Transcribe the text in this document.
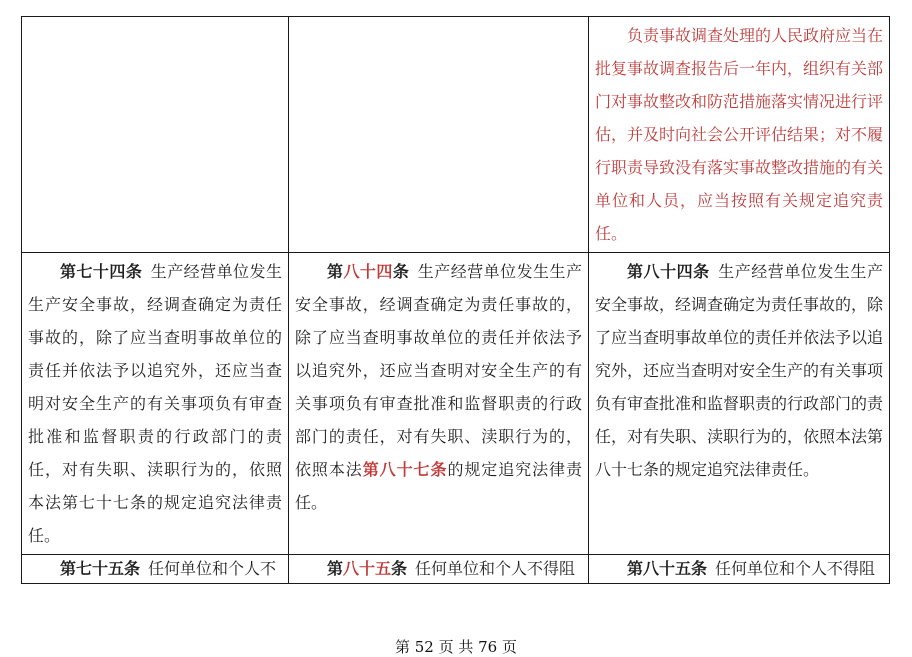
		负责事故调查处理的人民政府应当在批复事故调查报告后一年内，组织有关部门对事故整改和防范措施落实情况进行评估，并及时向社会公开评估结果；对不履行职责导致没有落实事故整改措施的有关单位和人员，应当按照有关规定追究责任。

第七十四条 生产经营单位发生生产安全事故，经调查确定为责任事故的，除了应当查明事故单位的责任并依法予以追究外，还应当查明对安全生产的有关事项负有审查批准和监督职责的行政部门的责任，对有失职、渎职行为的，依照本法第七十七条的规定追究法律责任。	第八十四条 生产经营单位发生生产安全事故，经调查确定为责任事故的，除了应当查明事故单位的责任并依法予以追究外，还应当查明对安全生产的有关事项负有审查批准和监督职责的行政部门的责任，对有失职、渎职行为的，依照本法第八十七条的规定追究法律责任。	第八十四条 生产经营单位发生生产安全事故，经调查确定为责任事故的，除了应当查明事故单位的责任并依法予以追究外，还应当查明对安全生产的有关事项负有审查批准和监督职责的行政部门的责任，对有失职、渎职行为的，依照本法第八十七条的规定追究法律责任。

第七十五条 任何单位和个人不	第八十五条 任何单位和个人不得阻	第八十五条 任何单位和个人不得阻

第 52 页 共 76 页
